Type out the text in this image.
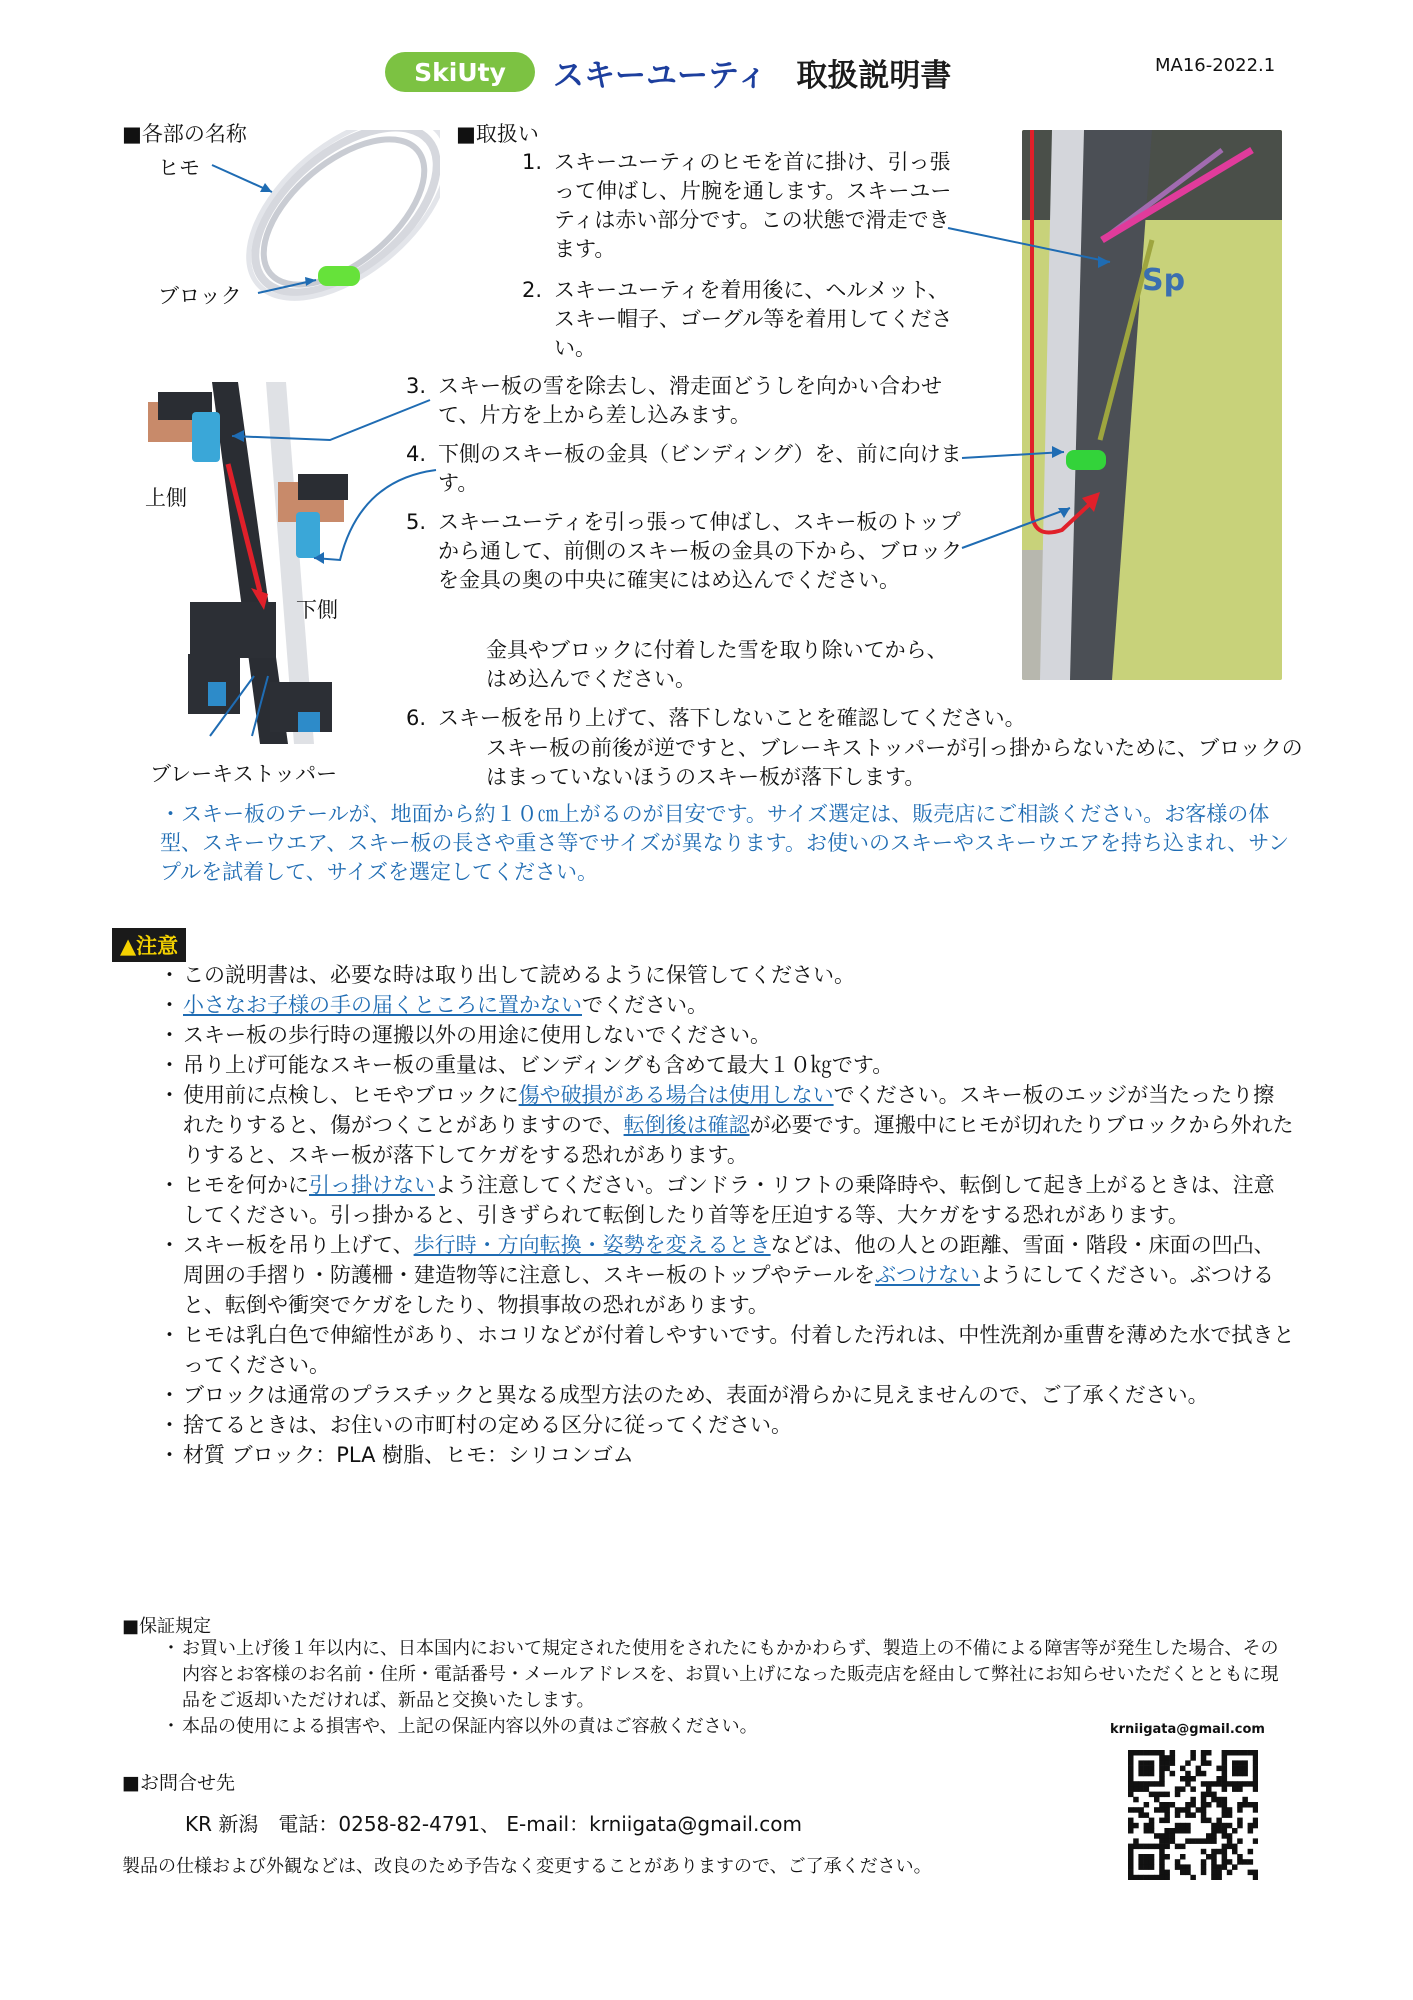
SkiUty	スキーユーティ 取扱説明書	MA16-2022.1
■各部の名称
ヒモ
ブロック
■取扱い
1. スキーユーティのヒモを首に掛け、引っ張って伸ばし、片腕を通します。スキーユーティは赤い部分です。この状態で滑走できます。
2. スキーユーティを着用後に、ヘルメット、スキー帽子、ゴーグル等を着用してください。
3. スキー板の雪を除去し、滑走面どうしを向かい合わせて、片方を上から差し込みます。
4. 下側のスキー板の金具（ビンディング）を、前に向けます。
5. スキーユーティを引っ張って伸ばし、スキー板のトップから通して、前側のスキー板の金具の下から、ブロックを金具の奥の中央に確実にはめ込んでください。
金具やブロックに付着した雪を取り除いてから、はめ込んでください。
6. スキー板を吊り上げて、落下しないことを確認してください。
スキー板の前後が逆ですと、ブレーキストッパーが引っ掛からないために、ブロックのはまっていないほうのスキー板が落下します。
上側
下側
ブレーキストッパー
Sp
・スキー板のテールが、地面から約１０㎝上がるのが目安です。サイズ選定は、販売店にご相談ください。お客様の体型、スキーウエア、スキー板の長さや重さ等でサイズが異なります。お使いのスキーやスキーウエアを持ち込まれ、サンプルを試着して、サイズを選定してください。
▲注意
・ この説明書は、必要な時は取り出して読めるように保管してください。
・ 小さなお子様の手の届くところに置かないでください。
・ スキー板の歩行時の運搬以外の用途に使用しないでください。
・ 吊り上げ可能なスキー板の重量は、ビンディングも含めて最大１０㎏です。
・ 使用前に点検し、ヒモやブロックに傷や破損がある場合は使用しないでください。スキー板のエッジが当たったり擦れたりすると、傷がつくことがありますので、転倒後は確認が必要です。運搬中にヒモが切れたりブロックから外れたりすると、スキー板が落下してケガをする恐れがあります。
・ ヒモを何かに引っ掛けないよう注意してください。ゴンドラ・リフトの乗降時や、転倒して起き上がるときは、注意してください。引っ掛かると、引きずられて転倒したり首等を圧迫する等、大ケガをする恐れがあります。
・ スキー板を吊り上げて、歩行時・方向転換・姿勢を変えるときなどは、他の人との距離、雪面・階段・床面の凹凸、周囲の手摺り・防護柵・建造物等に注意し、スキー板のトップやテールをぶつけないようにしてください。ぶつけると、転倒や衝突でケガをしたり、物損事故の恐れがあります。
・ ヒモは乳白色で伸縮性があり、ホコリなどが付着しやすいです。付着した汚れは、中性洗剤か重曹を薄めた水で拭きとってください。
・ ブロックは通常のプラスチックと異なる成型方法のため、表面が滑らかに見えませんので、ご了承ください。
・ 捨てるときは、お住いの市町村の定める区分に従ってください。
・ 材質 ブロック：PLA 樹脂、ヒモ：シリコンゴム
■保証規定
・ お買い上げ後１年以内に、日本国内において規定された使用をされたにもかかわらず、製造上の不備による障害等が発生した場合、その内容とお客様のお名前・住所・電話番号・メールアドレスを、お買い上げになった販売店を経由して弊社にお知らせいただくとともに現品をご返却いただければ、新品と交換いたします。
・ 本品の使用による損害や、上記の保証内容以外の責はご容赦ください。	krniigata@gmail.com
■お問合せ先
KR 新潟　電話：0258-82-4791、 E-mail：krniigata@gmail.com
製品の仕様および外観などは、改良のため予告なく変更することがありますので、ご了承ください。
